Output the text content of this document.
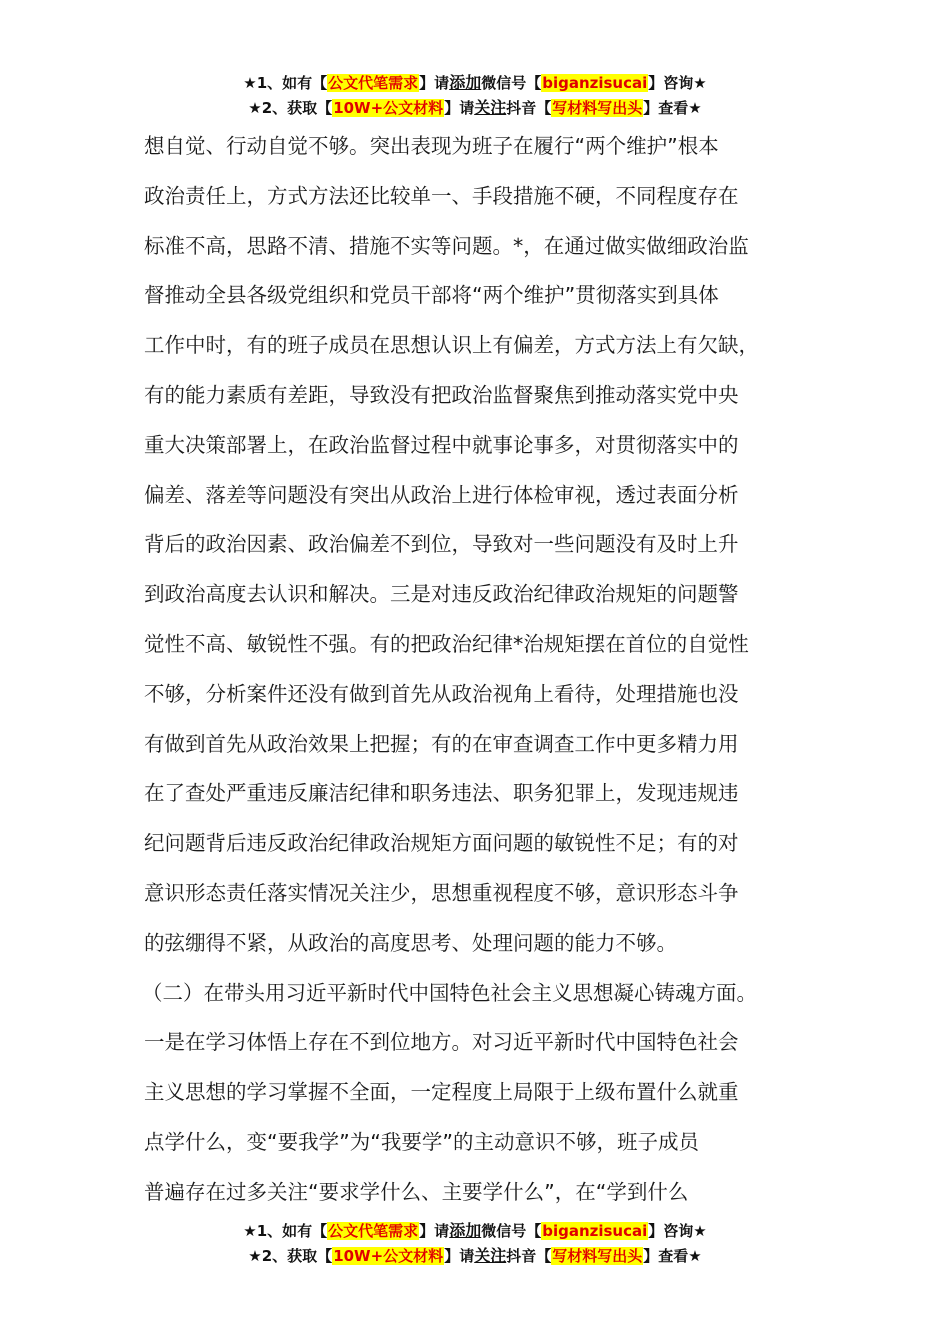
★1、如有【公文代笔需求】请添加微信号【biganzisucai】咨询★
★2、获取【10W+公文材料】请关注抖音【写材料写出头】查看★
想自觉、行动自觉不够。突出表现为班子在履行“两个维护”根本
政治责任上，方式方法还比较单一、手段措施不硬，不同程度存在
标准不高，思路不清、措施不实等问题。*，在通过做实做细政治监
督推动全县各级党组织和党员干部将“两个维护”贯彻落实到具体
工作中时，有的班子成员在思想认识上有偏差，方式方法上有欠缺，
有的能力素质有差距，导致没有把政治监督聚焦到推动落实党中央
重大决策部署上，在政治监督过程中就事论事多，对贯彻落实中的
偏差、落差等问题没有突出从政治上进行体检审视，透过表面分析
背后的政治因素、政治偏差不到位，导致对一些问题没有及时上升
到政治高度去认识和解决。三是对违反政治纪律政治规矩的问题警
觉性不高、敏锐性不强。有的把政治纪律*治规矩摆在首位的自觉性
不够，分析案件还没有做到首先从政治视角上看待，处理措施也没
有做到首先从政治效果上把握；有的在审查调查工作中更多精力用
在了查处严重违反廉洁纪律和职务违法、职务犯罪上，发现违规违
纪问题背后违反政治纪律政治规矩方面问题的敏锐性不足；有的对
意识形态责任落实情况关注少，思想重视程度不够，意识形态斗争
的弦绷得不紧，从政治的高度思考、处理问题的能力不够。
（二）在带头用习近平新时代中国特色社会主义思想凝心铸魂方面。
一是在学习体悟上存在不到位地方。对习近平新时代中国特色社会
主义思想的学习掌握不全面，一定程度上局限于上级布置什么就重
点学什么，变“要我学”为“我要学”的主动意识不够，班子成员
普遍存在过多关注“要求学什么、主要学什么”，在“学到什么
★1、如有【公文代笔需求】请添加微信号【biganzisucai】咨询★
★2、获取【10W+公文材料】请关注抖音【写材料写出头】查看★
